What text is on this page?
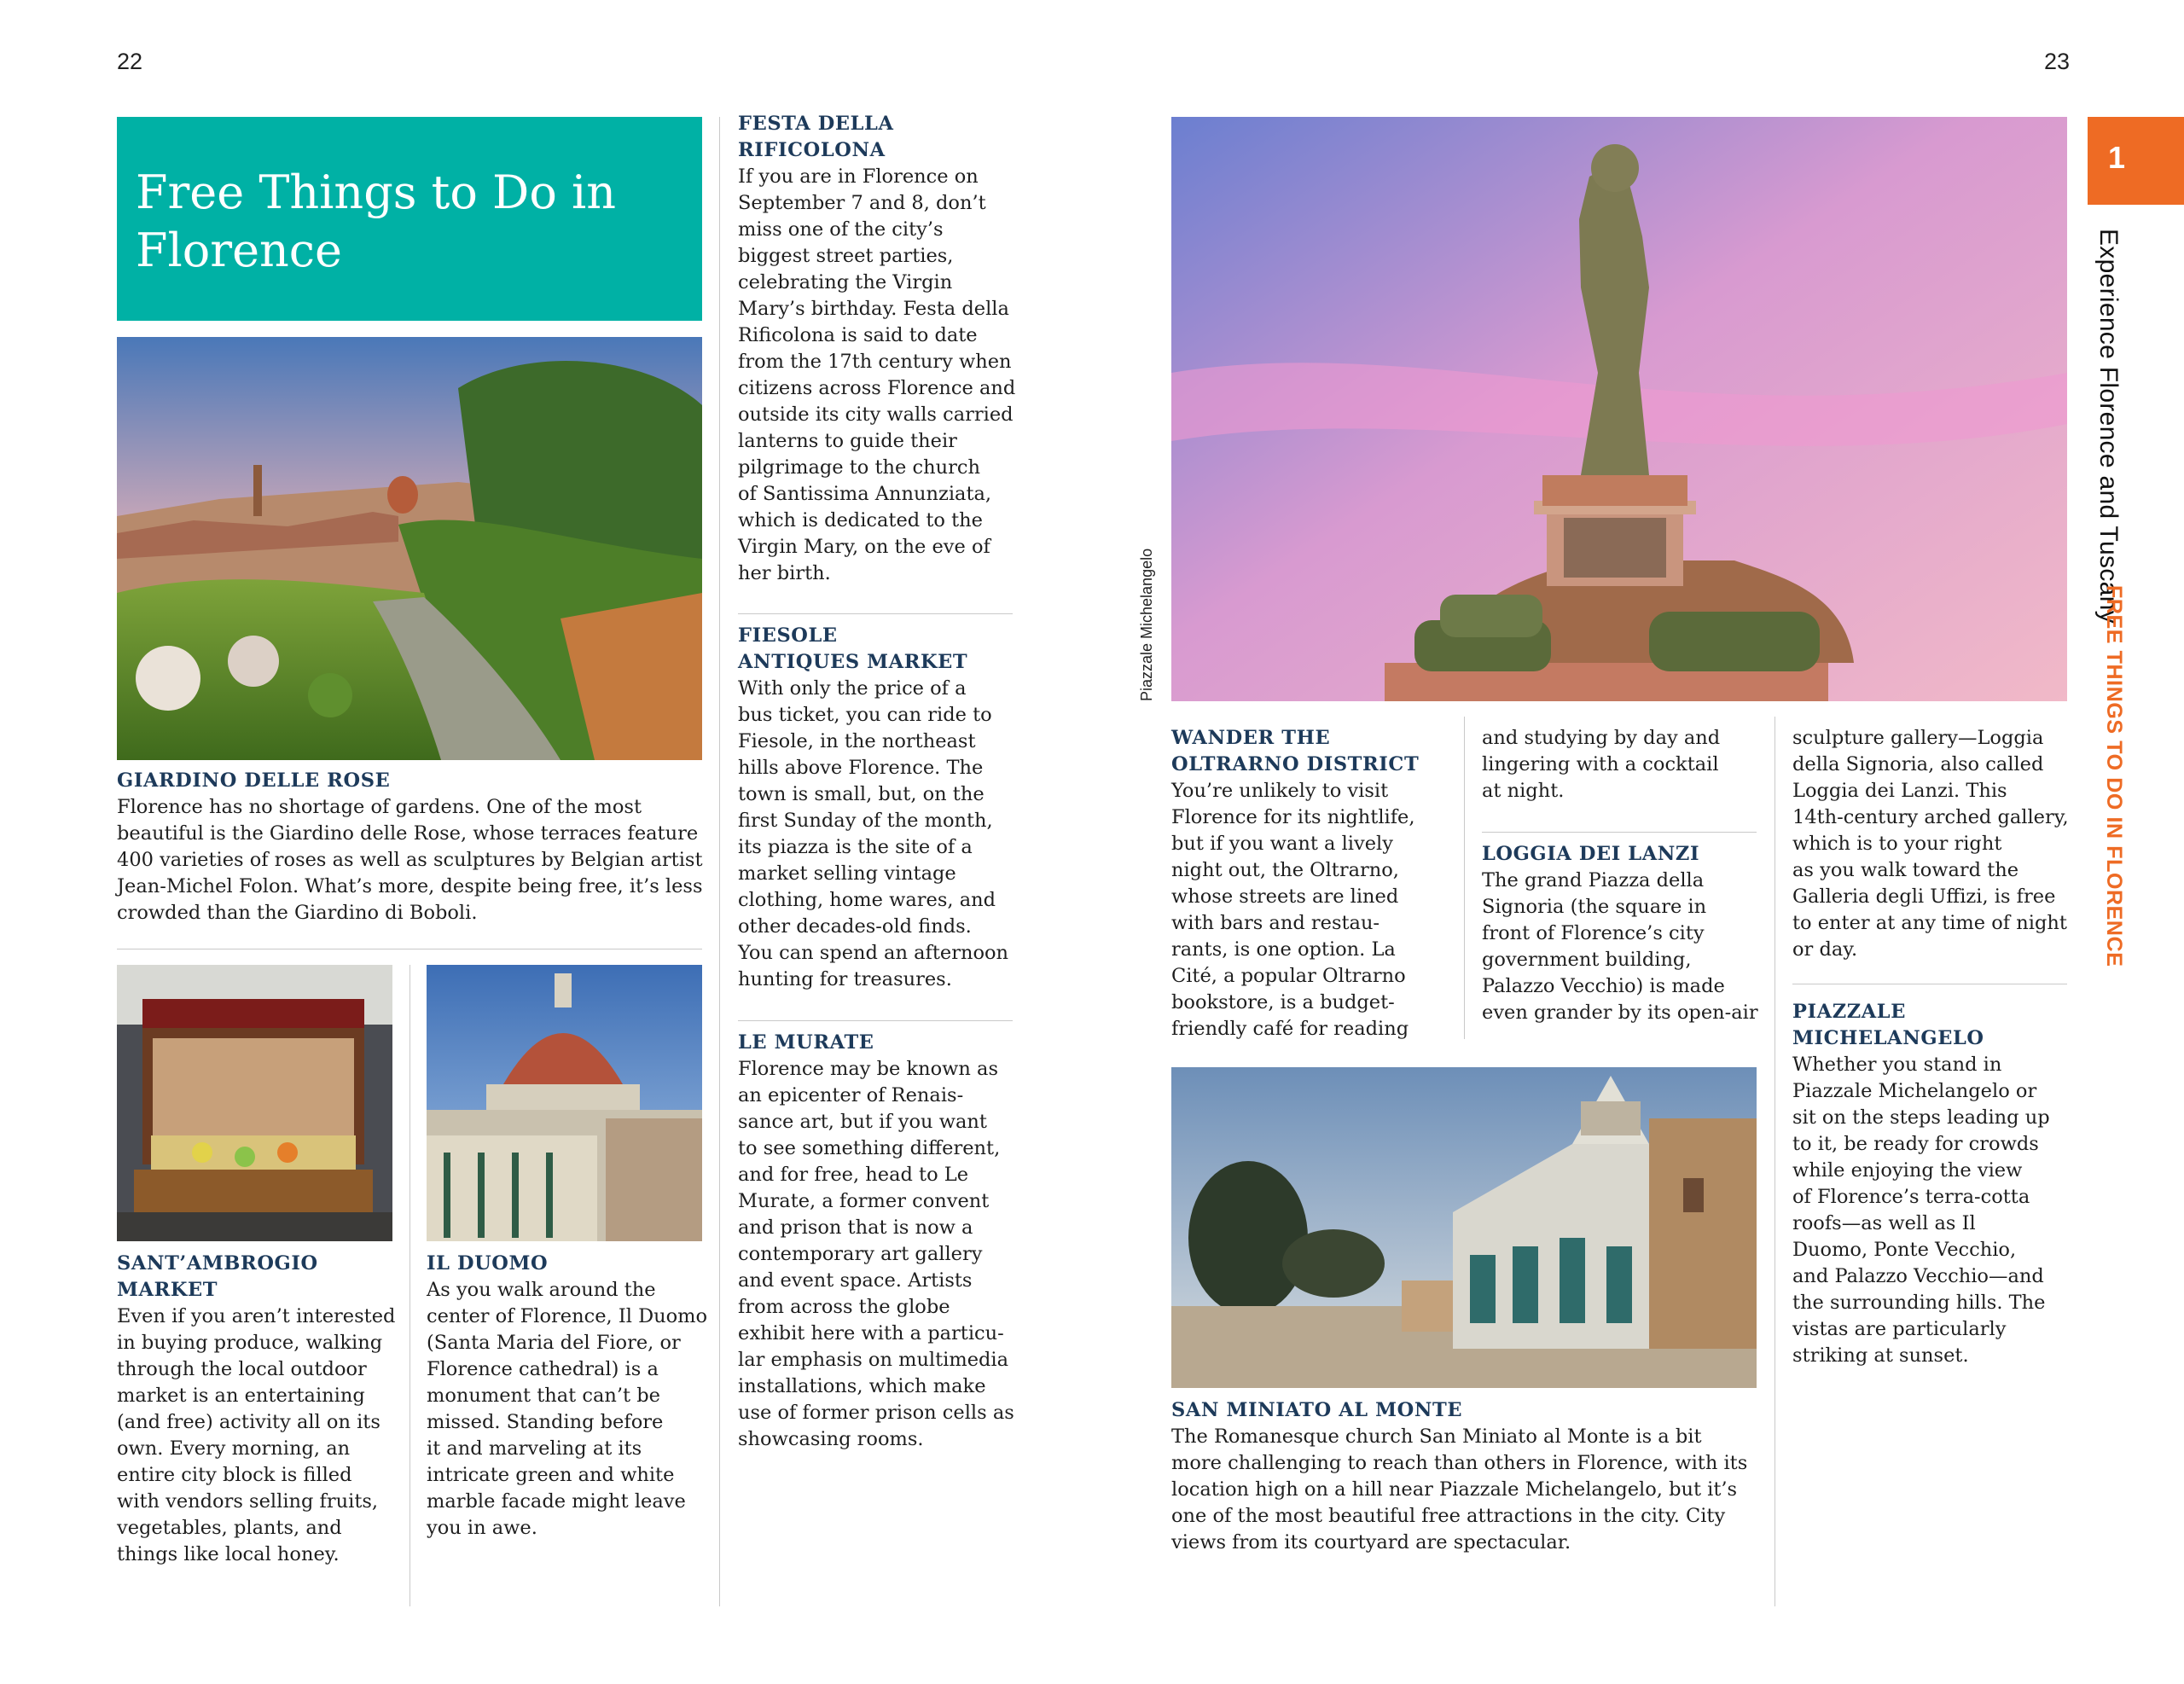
22	23
Free Things to Do in Florence
GIARDINO DELLE ROSE
Florence has no shortage of gardens. One of the most
beautiful is the Giardino delle Rose, whose terraces feature
400 varieties of roses as well as sculptures by Belgian artist
Jean-Michel Folon. What’s more, despite being free, it’s less
crowded than the Giardino di Boboli.
SANT’AMBROGIO
MARKET
Even if you aren’t interested
in buying produce, walking
through the local outdoor
market is an entertaining
(and free) activity all on its
own. Every morning, an
entire city block is filled
with vendors selling fruits,
vegetables, plants, and
things like local honey.
IL DUOMO
As you walk around the
center of Florence, Il Duomo
(Santa Maria del Fiore, or
Florence cathedral) is a
monument that can’t be
missed. Standing before
it and marveling at its
intricate green and white
marble facade might leave
you in awe.
FESTA DELLA
RIFICOLONA
If you are in Florence on
September 7 and 8, don’t
miss one of the city’s
biggest street parties,
celebrating the Virgin
Mary’s birthday. Festa della
Rificolona is said to date
from the 17th century when
citizens across Florence and
outside its city walls carried
lanterns to guide their
pilgrimage to the church
of Santissima Annunziata,
which is dedicated to the
Virgin Mary, on the eve of
her birth.
FIESOLE
ANTIQUES MARKET
With only the price of a
bus ticket, you can ride to
Fiesole, in the northeast
hills above Florence. The
town is small, but, on the
first Sunday of the month,
its piazza is the site of a
market selling vintage
clothing, home wares, and
other decades-old finds.
You can spend an afternoon
hunting for treasures.
LE MURATE
Florence may be known as
an epicenter of Renais-
sance art, but if you want
to see something different,
and for free, head to Le
Murate, a former convent
and prison that is now a
contemporary art gallery
and event space. Artists
from across the globe
exhibit here with a particu-
lar emphasis on multimedia
installations, which make
use of former prison cells as
showcasing rooms.
Piazzale Michelangelo
WANDER THE
OLTRARNO DISTRICT
You’re unlikely to visit
Florence for its nightlife,
but if you want a lively
night out, the Oltrarno,
whose streets are lined
with bars and restau-
rants, is one option. La
Cité, a popular Oltrarno
bookstore, is a budget-
friendly café for reading
and studying by day and
lingering with a cocktail
at night.
LOGGIA DEI LANZI
The grand Piazza della
Signoria (the square in
front of Florence’s city
government building,
Palazzo Vecchio) is made
even grander by its open-air
sculpture gallery—Loggia
della Signoria, also called
Loggia dei Lanzi. This
14th-century arched gallery,
which is to your right
as you walk toward the
Galleria degli Uffizi, is free
to enter at any time of night
or day.
PIAZZALE
MICHELANGELO
Whether you stand in
Piazzale Michelangelo or
sit on the steps leading up
to it, be ready for crowds
while enjoying the view
of Florence’s terra-cotta
roofs—as well as Il
Duomo, Ponte Vecchio,
and Palazzo Vecchio—and
the surrounding hills. The
vistas are particularly
striking at sunset.
SAN MINIATO AL MONTE
The Romanesque church San Miniato al Monte is a bit
more challenging to reach than others in Florence, with its
location high on a hill near Piazzale Michelangelo, but it’s
one of the most beautiful free attractions in the city. City
views from its courtyard are spectacular.
1
Experience Florence and Tuscany
FREE THINGS TO DO IN FLORENCE
